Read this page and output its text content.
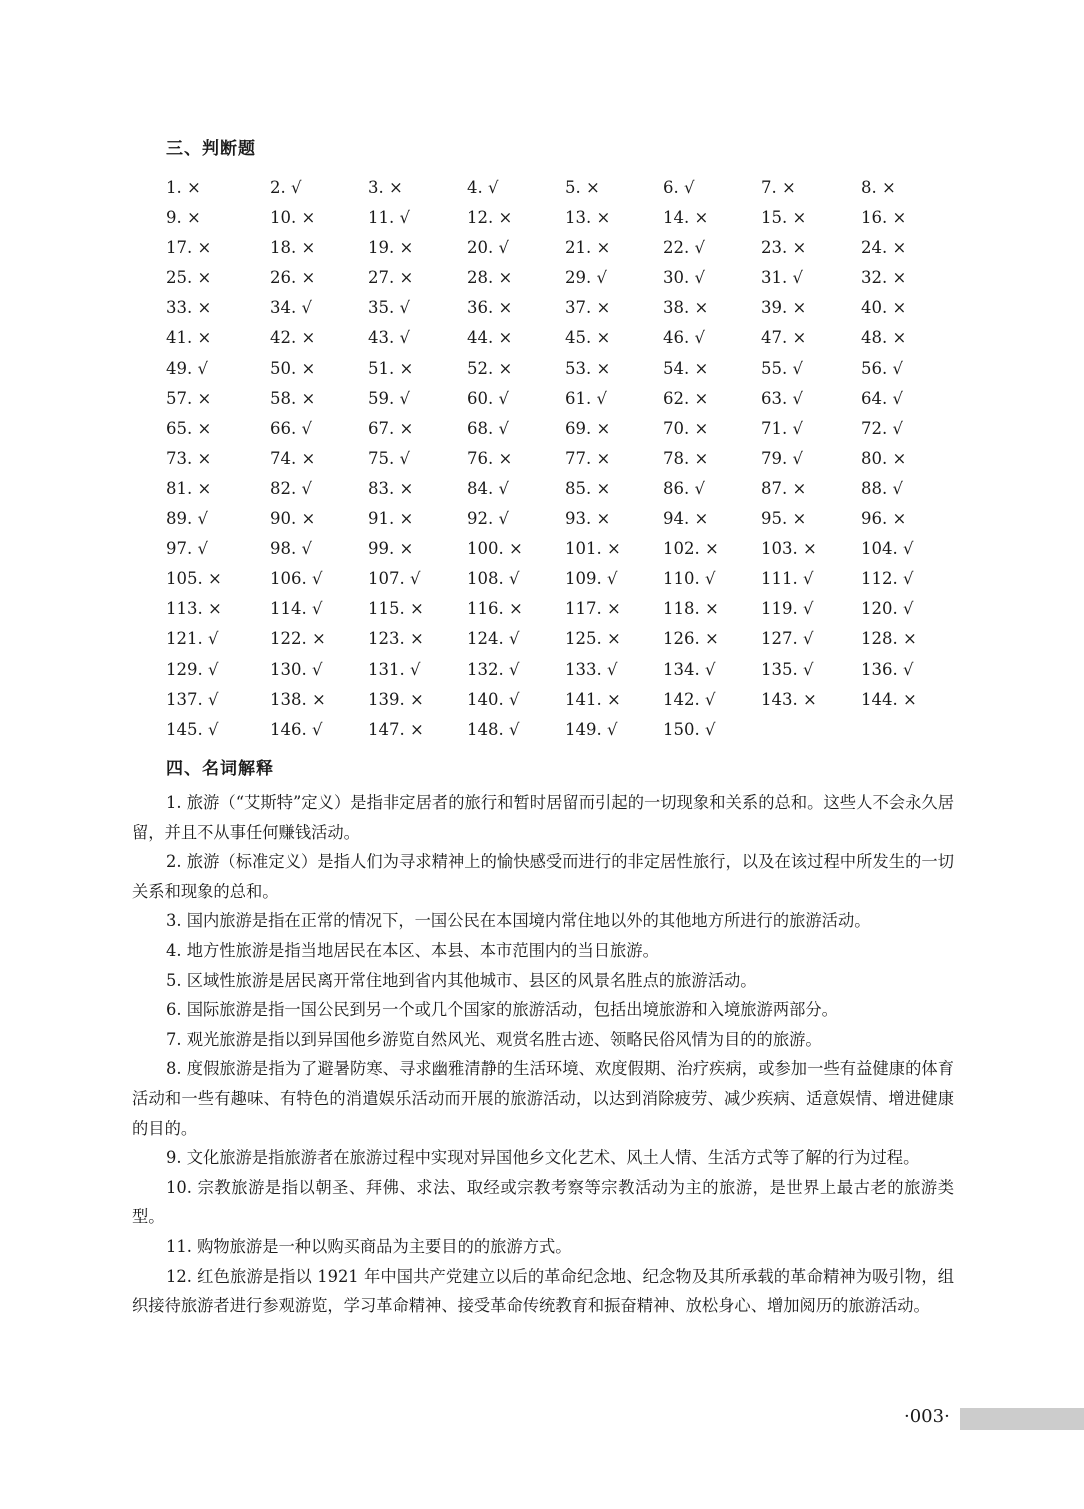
三、判断题
1. ×	2. √	3. ×	4. √	5. ×	6. √	7. ×	8. ×
9. ×	10. ×	11. √	12. ×	13. ×	14. ×	15. ×	16. ×
17. ×	18. ×	19. ×	20. √	21. ×	22. √	23. ×	24. ×
25. ×	26. ×	27. ×	28. ×	29. √	30. √	31. √	32. ×
33. ×	34. √	35. √	36. ×	37. ×	38. ×	39. ×	40. ×
41. ×	42. ×	43. √	44. ×	45. ×	46. √	47. ×	48. ×
49. √	50. ×	51. ×	52. ×	53. ×	54. ×	55. √	56. √
57. ×	58. ×	59. √	60. √	61. √	62. ×	63. √	64. √
65. ×	66. √	67. ×	68. √	69. ×	70. ×	71. √	72. √
73. ×	74. ×	75. √	76. ×	77. ×	78. ×	79. √	80. ×
81. ×	82. √	83. ×	84. √	85. ×	86. √	87. ×	88. √
89. √	90. ×	91. ×	92. √	93. ×	94. ×	95. ×	96. ×
97. √	98. √	99. ×	100. ×	101. ×	102. ×	103. ×	104. √
105. ×	106. √	107. √	108. √	109. √	110. √	111. √	112. √
113. ×	114. √	115. ×	116. ×	117. ×	118. ×	119. √	120. √
121. √	122. ×	123. ×	124. √	125. ×	126. ×	127. √	128. ×
129. √	130. √	131. √	132. √	133. √	134. √	135. √	136. √
137. √	138. ×	139. ×	140. √	141. ×	142. √	143. ×	144. ×
145. √	146. √	147. ×	148. √	149. √	150. √
四、名词解释

1. 旅游（“艾斯特”定义）是指非定居者的旅行和暂时居留而引起的一切现象和关系的总和。这些人不会永久居留，并且不从事任何赚钱活动。

2. 旅游（标准定义）是指人们为寻求精神上的愉快感受而进行的非定居性旅行，以及在该过程中所发生的一切关系和现象的总和。

3. 国内旅游是指在正常的情况下，一国公民在本国境内常住地以外的其他地方所进行的旅游活动。

4. 地方性旅游是指当地居民在本区、本县、本市范围内的当日旅游。

5. 区域性旅游是居民离开常住地到省内其他城市、县区的风景名胜点的旅游活动。

6. 国际旅游是指一国公民到另一个或几个国家的旅游活动，包括出境旅游和入境旅游两部分。

7. 观光旅游是指以到异国他乡游览自然风光、观赏名胜古迹、领略民俗风情为目的的旅游。

8. 度假旅游是指为了避暑防寒、寻求幽雅清静的生活环境、欢度假期、治疗疾病，或参加一些有益健康的体育活动和一些有趣味、有特色的消遣娱乐活动而开展的旅游活动，以达到消除疲劳、减少疾病、适意娱情、增进健康的目的。

9. 文化旅游是指旅游者在旅游过程中实现对异国他乡文化艺术、风土人情、生活方式等了解的行为过程。

10. 宗教旅游是指以朝圣、拜佛、求法、取经或宗教考察等宗教活动为主的旅游，是世界上最古老的旅游类型。

11. 购物旅游是一种以购买商品为主要目的的旅游方式。

12. 红色旅游是指以 1921 年中国共产党建立以后的革命纪念地、纪念物及其所承载的革命精神为吸引物，组织接待旅游者进行参观游览，学习革命精神、接受革命传统教育和振奋精神、放松身心、增加阅历的旅游活动。

·003·
